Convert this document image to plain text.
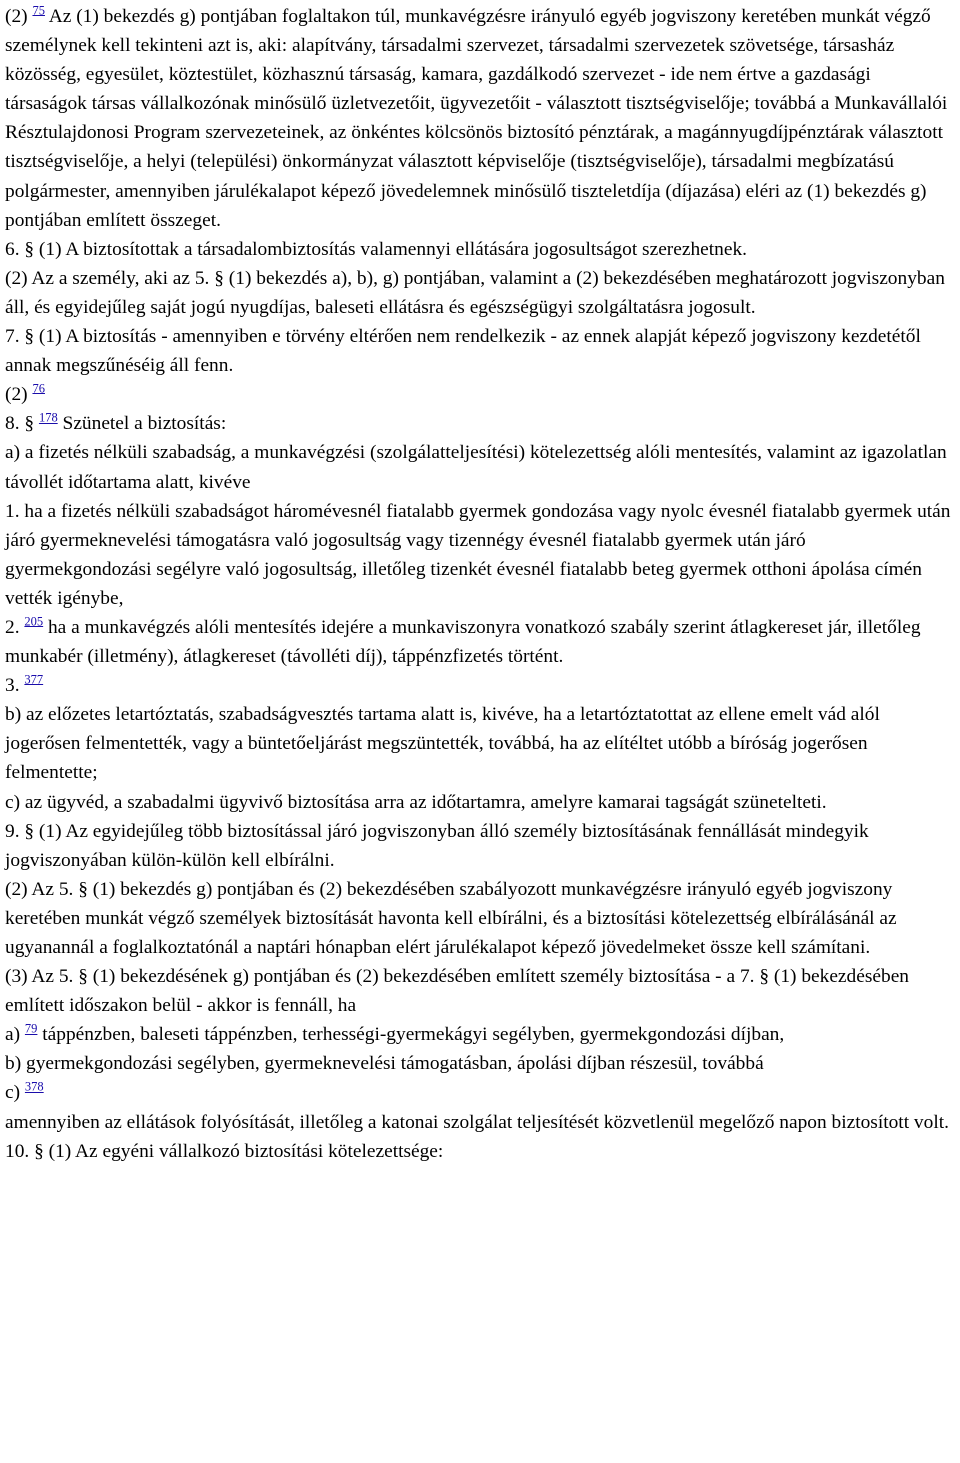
(2) $^{75}$ Az (1) bekezdés g) pontjában foglaltakon túl, munkavégzésre irányuló egyéb jogviszony keretében munkát végző személynek kell tekinteni azt is, aki: alapítvány, társadalmi szervezet, társadalmi szervezetek szövetsége, társasház közösség, egyesület, köztestület, közhasznú társaság, kamara, gazdálkodó szervezet - ide nem értve a gazdasági társaságok társas vállalkozónak minősülő üzletvezetőit, ügyvezetőit - választott tisztségviselője; továbbá a Munkavállalói Résztulajdonosi Program szervezeteinek, az önkéntes kölcsönös biztosító pénztárak, a magánnyugdíjpénztárak választott tisztségviselője, a helyi (települési) önkormányzat választott képviselője (tisztségviselője), társadalmi megbízatású polgármester, amennyiben járulékalapot képező jövedelemnek minősülő tiszteletdíja (díjazása) eléri az (1) bekezdés g) pontjában említett összeget.

6. § (1) A biztosítottak a társadalombiztosítás valamennyi ellátására jogosultságot szerezhetnek.

(2) Az a személy, aki az 5. § (1) bekezdés a), b), g) pontjában, valamint a (2) bekezdésében meghatározott jogviszonyban áll, és egyidejűleg saját jogú nyugdíjas, baleseti ellátásra és egészségügyi szolgáltatásra jogosult.

7. § (1) A biztosítás - amennyiben e törvény eltérően nem rendelkezik - az ennek alapját képező jogviszony kezdetétől annak megszűnéséig áll fenn.

(2) $^{76}$

8. § $^{178}$ Szünetel a biztosítás:

a) a fizetés nélküli szabadság, a munkavégzési (szolgálatteljesítési) kötelezettség alóli mentesítés, valamint az igazolatlan távollét időtartama alatt, kivéve

1. ha a fizetés nélküli szabadságot háromévesnél fiatalabb gyermek gondozása vagy nyolc évesnél fiatalabb gyermek után járó gyermeknevelési támogatásra való jogosultság vagy tizennégy évesnél fiatalabb gyermek után járó gyermekgondozási segélyre való jogosultság, illetőleg tizenkét évesnél fiatalabb beteg gyermek otthoni ápolása címén vették igénybe,

2. $^{205}$ ha a munkavégzés alóli mentesítés idejére a munkaviszonyra vonatkozó szabály szerint átlagkereset jár, illetőleg munkabér (illetmény), átlagkereset (távolléti díj), táppénzfizetés történt.

3. $^{377}$

b) az előzetes letartóztatás, szabadságvesztés tartama alatt is, kivéve, ha a letartóztatottat az ellene emelt vád alól jogerősen felmentették, vagy a büntetőeljárást megszüntették, továbbá, ha az elítéltet utóbb a bíróság jogerősen felmentette;

c) az ügyvéd, a szabadalmi ügyvivő biztosítása arra az időtartamra, amelyre kamarai tagságát szünetelteti.

9. § (1) Az egyidejűleg több biztosítással járó jogviszonyban álló személy biztosításának fennállását mindegyik jogviszonyában külön-külön kell elbírálni.

(2) Az 5. § (1) bekezdés g) pontjában és (2) bekezdésében szabályozott munkavégzésre irányuló egyéb jogviszony keretében munkát végző személyek biztosítását havonta kell elbírálni, és a biztosítási kötelezettség elbírálásánál az ugyanannál a foglalkoztatónál a naptári hónapban elért járulékalapot képező jövedelmeket össze kell számítani.

(3) Az 5. § (1) bekezdésének g) pontjában és (2) bekezdésében említett személy biztosítása - a 7. § (1) bekezdésében említett időszakon belül - akkor is fennáll, ha

a) $^{79}$ táppénzben, baleseti táppénzben, terhességi-gyermekágyi segélyben, gyermekgondozási díjban,

b) gyermekgondozási segélyben, gyermeknevelési támogatásban, ápolási díjban részesül, továbbá

c) $^{378}$

amennyiben az ellátások folyósítását, illetőleg a katonai szolgálat teljesítését közvetlenül megelőző napon biztosított volt.

10. § (1) Az egyéni vállalkozó biztosítási kötelezettsége:
